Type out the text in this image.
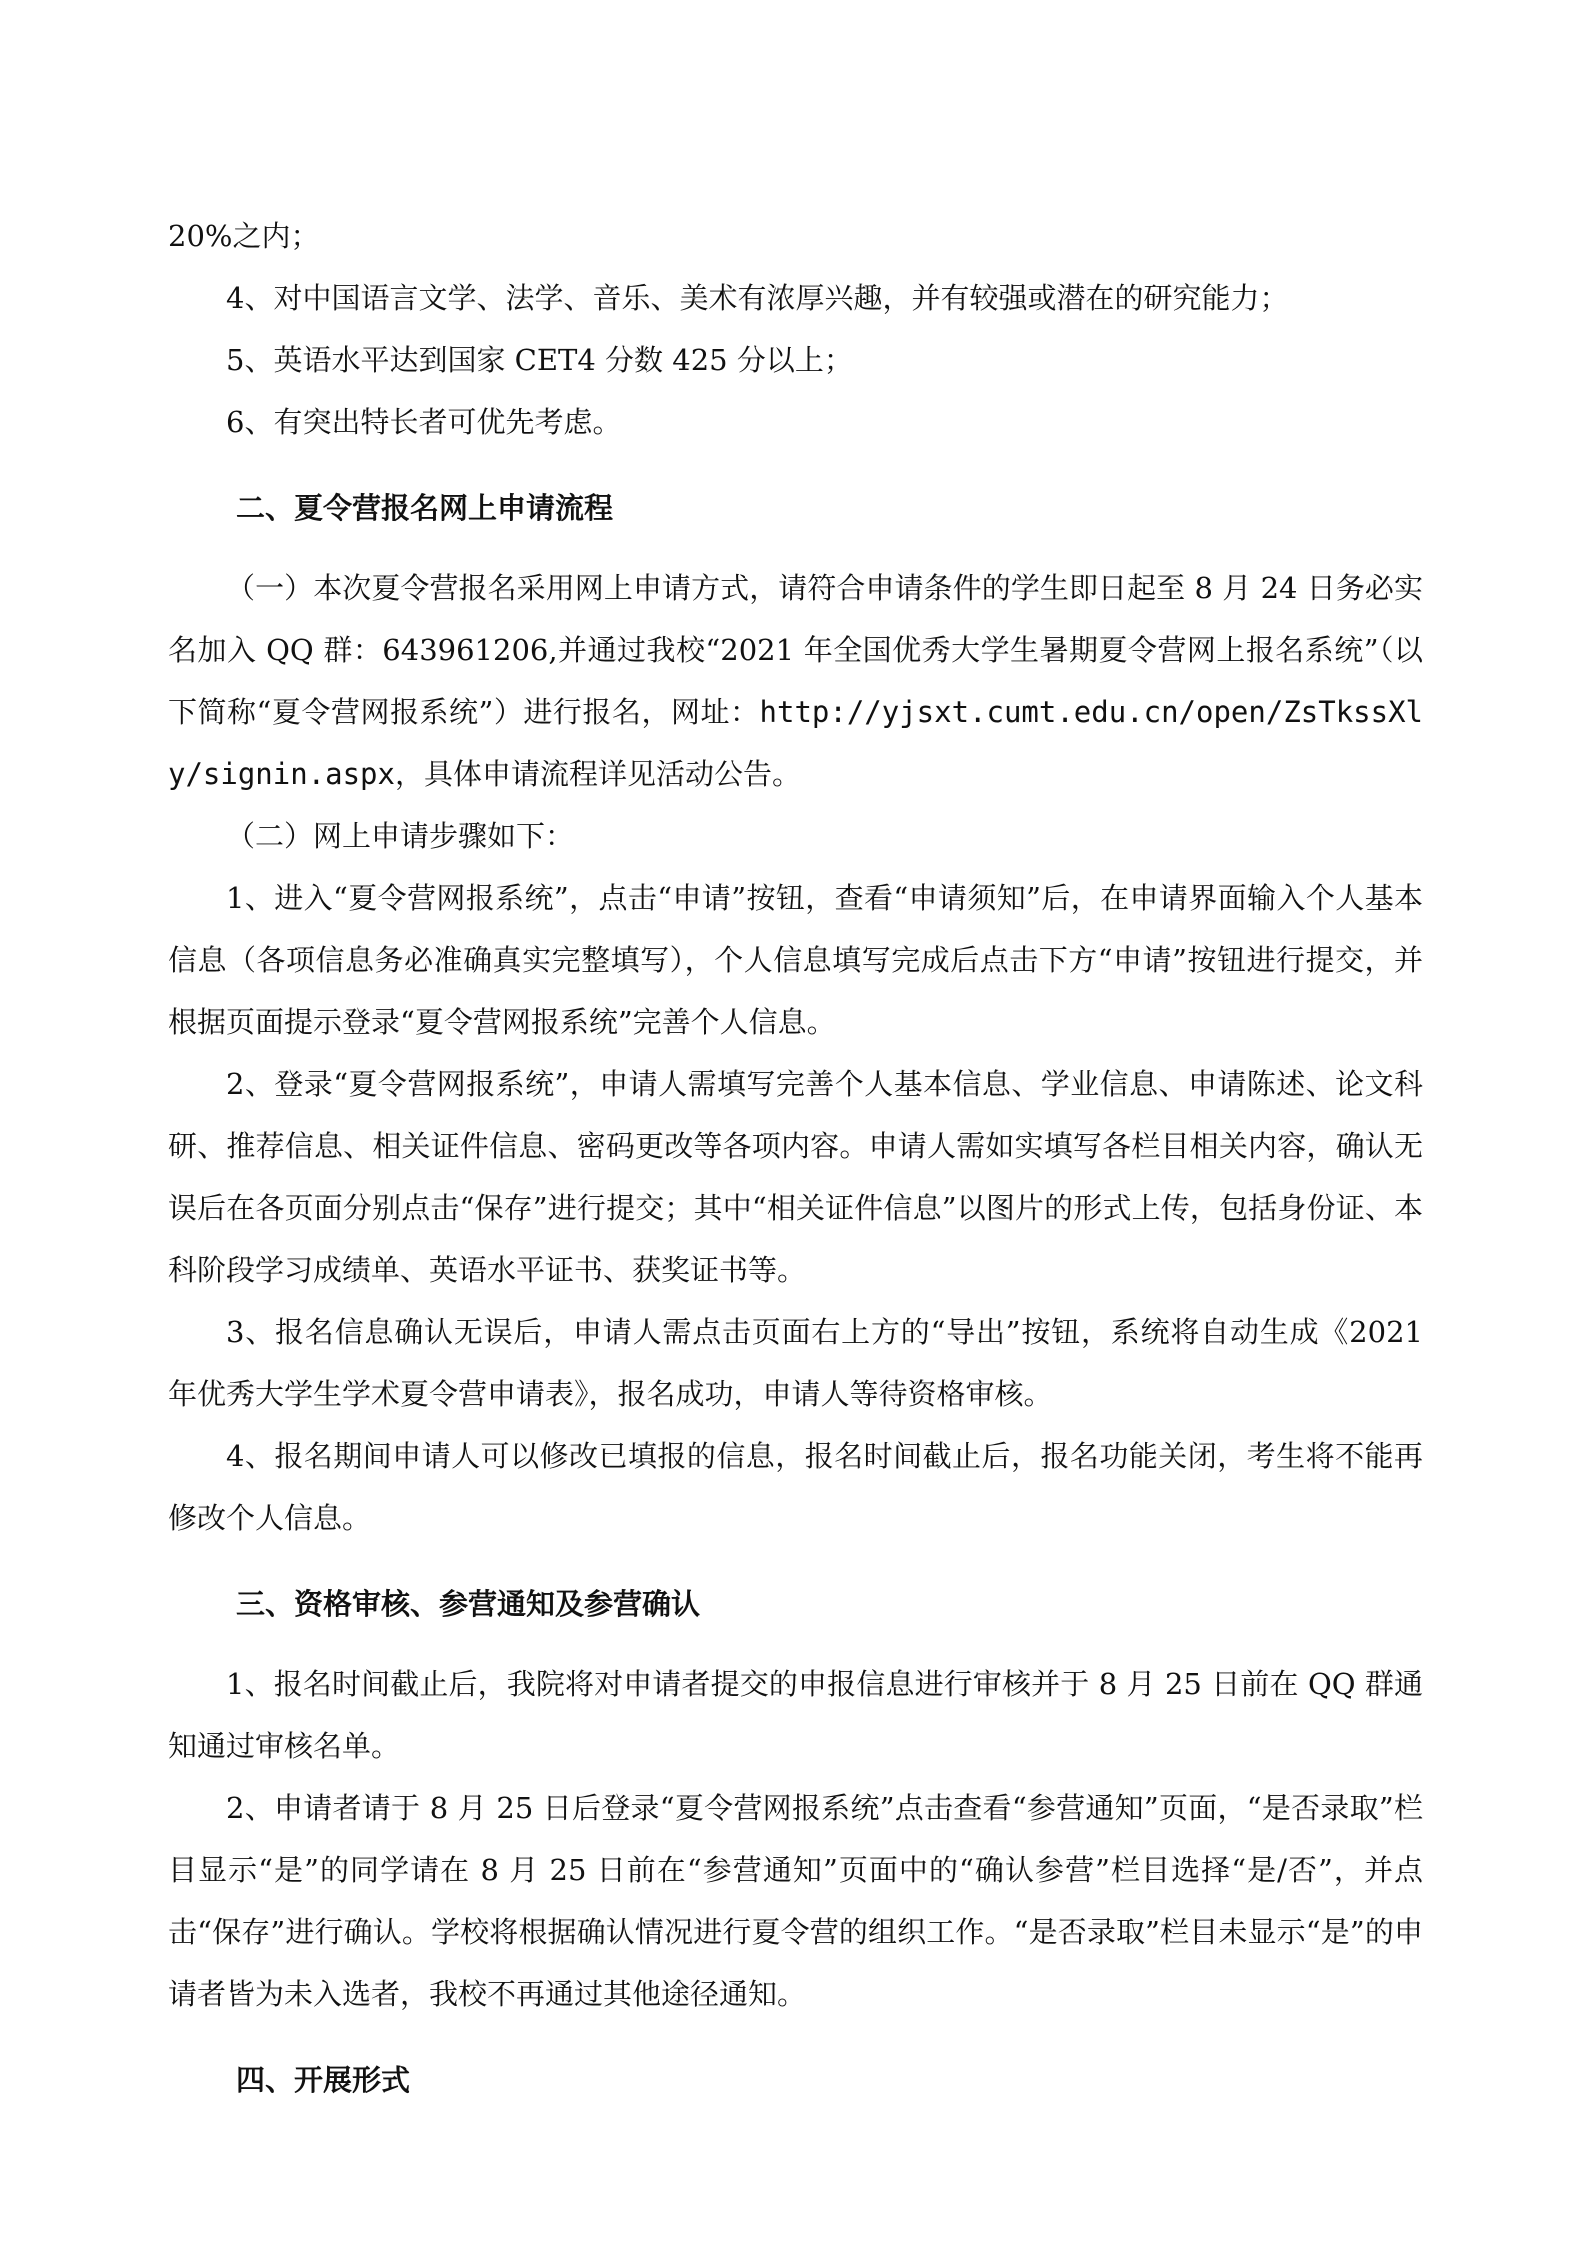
20%之内；

4、对中国语言文学、法学、音乐、美术有浓厚兴趣，并有较强或潜在的研究能力；

5、英语水平达到国家 CET4 分数 425 分以上；

6、有突出特长者可优先考虑。

二、夏令营报名网上申请流程

（一）本次夏令营报名采用网上申请方式，请符合申请条件的学生即日起至 8 月 24 日务必实名加入 QQ 群：643961206,并通过我校“2021 年全国优秀大学生暑期夏令营网上报名系统”（以下简称“夏令营网报系统”）进行报名，网址：http://yjsxt.cumt.edu.cn/open/ZsTkssXly/signin.aspx，具体申请流程详见活动公告。

（二）网上申请步骤如下：

1、进入“夏令营网报系统”，点击“申请”按钮，查看“申请须知”后，在申请界面输入个人基本信息（各项信息务必准确真实完整填写），个人信息填写完成后点击下方“申请”按钮进行提交，并根据页面提示登录“夏令营网报系统”完善个人信息。

2、登录“夏令营网报系统”，申请人需填写完善个人基本信息、学业信息、申请陈述、论文科研、推荐信息、相关证件信息、密码更改等各项内容。申请人需如实填写各栏目相关内容，确认无误后在各页面分别点击“保存”进行提交；其中“相关证件信息”以图片的形式上传，包括身份证、本科阶段学习成绩单、英语水平证书、获奖证书等。

3、报名信息确认无误后，申请人需点击页面右上方的“导出”按钮，系统将自动生成《2021 年优秀大学生学术夏令营申请表》，报名成功，申请人等待资格审核。

4、报名期间申请人可以修改已填报的信息，报名时间截止后，报名功能关闭，考生将不能再修改个人信息。

三、资格审核、参营通知及参营确认

1、报名时间截止后，我院将对申请者提交的申报信息进行审核并于 8 月 25 日前在 QQ 群通知通过审核名单。

2、申请者请于 8 月 25 日后登录“夏令营网报系统”点击查看“参营通知”页面，“是否录取”栏目显示“是”的同学请在 8 月 25 日前在“参营通知”页面中的“确认参营”栏目选择“是/否”，并点击“保存”进行确认。学校将根据确认情况进行夏令营的组织工作。“是否录取”栏目未显示“是”的申请者皆为未入选者，我校不再通过其他途径通知。

四、开展形式
